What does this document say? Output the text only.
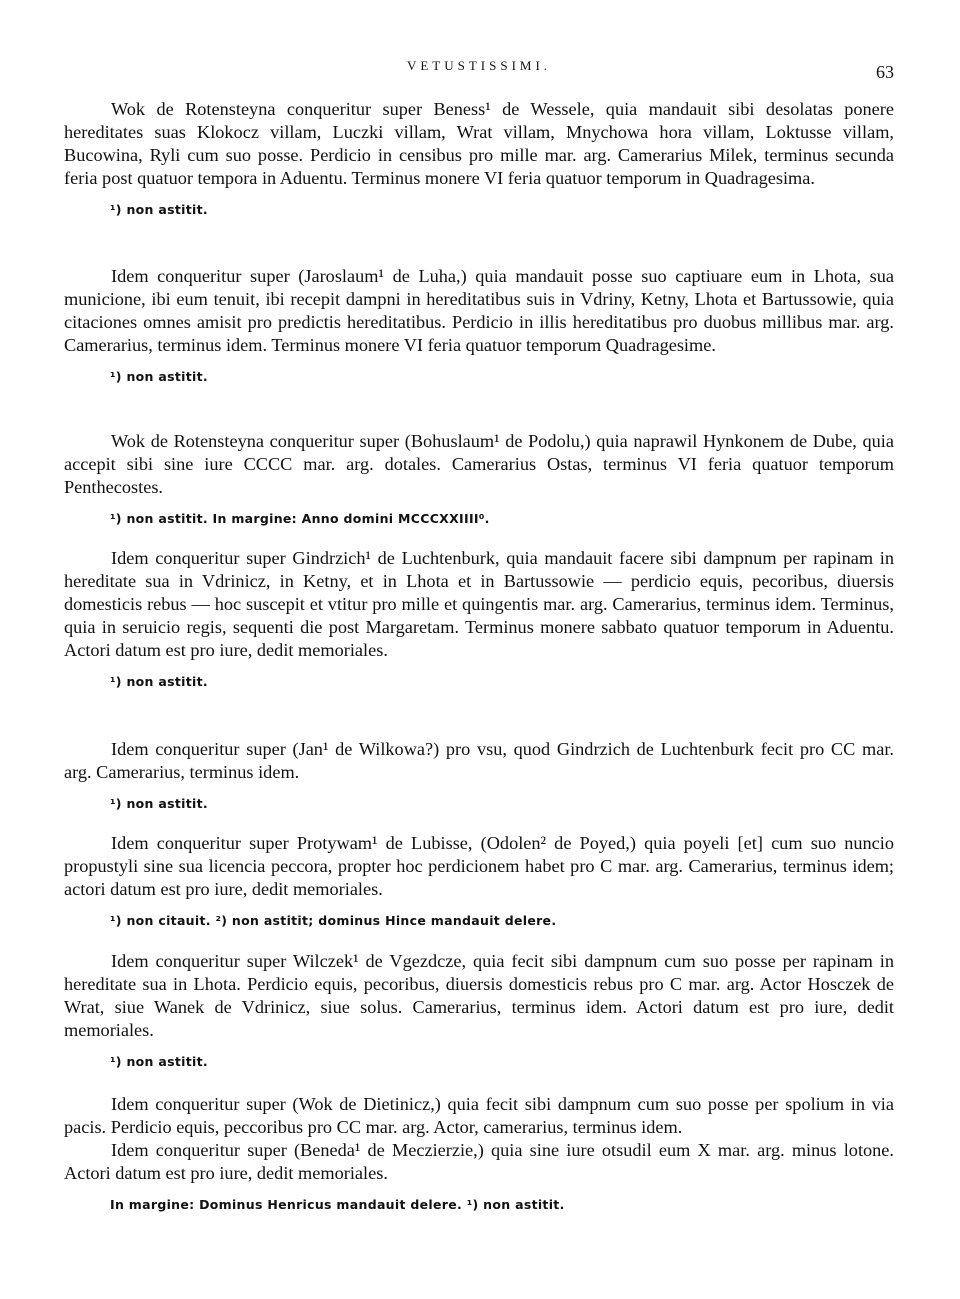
VETUSTISSIMI.	63

Wok de Rotensteyna conqueritur super Beness¹ de Wessele, quia mandauit sibi desolatas ponere hereditates suas Klokocz villam, Luczki villam, Wrat villam, Mnychowa hora villam, Loktusse villam, Bucowina, Ryli cum suo posse. Perdicio in censibus pro mille mar. arg. Camerarius Milek, terminus secunda feria post quatuor tempora in Aduentu. Terminus monere VI feria quatuor temporum in Quadragesima.

¹) non astitit.

Idem conqueritur super (Jaroslaum¹ de Luha,) quia mandauit posse suo captiuare eum in Lhota, sua municione, ibi eum tenuit, ibi recepit dampni in hereditatibus suis in Vdriny, Ketny, Lhota et Bartussowie, quia citaciones omnes amisit pro predictis hereditatibus. Perdicio in illis hereditatibus pro duobus millibus mar. arg. Camerarius, terminus idem. Terminus monere VI feria quatuor temporum Quadragesime.

¹) non astitit.

Wok de Rotensteyna conqueritur super (Bohuslaum¹ de Podolu,) quia naprawil Hynkonem de Dube, quia accepit sibi sine iure CCCC mar. arg. dotales. Camerarius Ostas, terminus VI feria quatuor temporum Penthecostes.

¹) non astitit. In margine: Anno domini MCCCXXIIII⁰.

Idem conqueritur super Gindrzich¹ de Luchtenburk, quia mandauit facere sibi dampnum per rapinam in hereditate sua in Vdrinicz, in Ketny, et in Lhota et in Bartussowie — perdicio equis, pecoribus, diuersis domesticis rebus — hoc suscepit et vtitur pro mille et quingentis mar. arg. Camerarius, terminus idem. Terminus, quia in seruicio regis, sequenti die post Margaretam. Terminus monere sabbato quatuor temporum in Aduentu. Actori datum est pro iure, dedit memoriales.

¹) non astitit.

Idem conqueritur super (Jan¹ de Wilkowa?) pro vsu, quod Gindrzich de Luchtenburk fecit pro CC mar. arg. Camerarius, terminus idem.

¹) non astitit.

Idem conqueritur super Protywam¹ de Lubisse, (Odolen² de Poyed,) quia poyeli [et] cum suo nuncio propustyli sine sua licencia peccora, propter hoc perdicionem habet pro C mar. arg. Camerarius, terminus idem; actori datum est pro iure, dedit memoriales.

¹) non citauit. ²) non astitit; dominus Hince mandauit delere.

Idem conqueritur super Wilczek¹ de Vgezdcze, quia fecit sibi dampnum cum suo posse per rapinam in hereditate sua in Lhota. Perdicio equis, pecoribus, diuersis domesticis rebus pro C mar. arg. Actor Hosczek de Wrat, siue Wanek de Vdrinicz, siue solus. Camerarius, terminus idem. Actori datum est pro iure, dedit memoriales.

¹) non astitit.

Idem conqueritur super (Wok de Dietinicz,) quia fecit sibi dampnum cum suo posse per spolium in via pacis. Perdicio equis, peccoribus pro CC mar. arg. Actor, camerarius, terminus idem.

Idem conqueritur super (Beneda¹ de Meczierzie,) quia sine iure otsudil eum X mar. arg. minus lotone. Actori datum est pro iure, dedit memoriales.

In margine: Dominus Henricus mandauit delere. ¹) non astitit.
